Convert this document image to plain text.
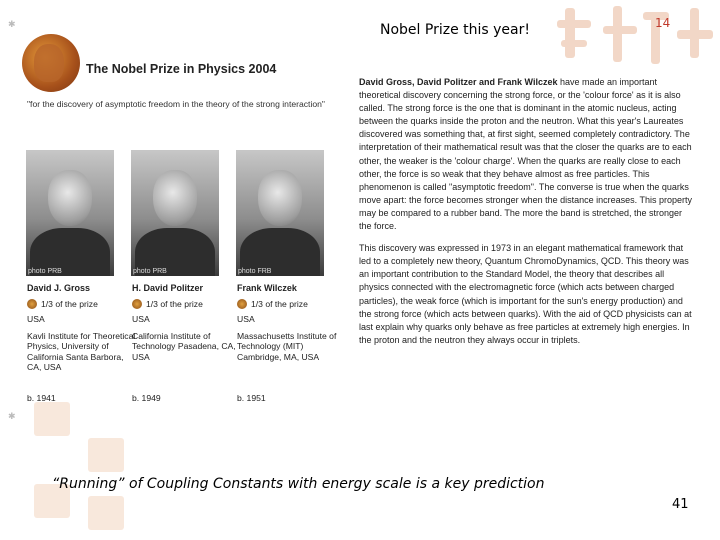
Nobel Prize this year!	14
✱
✱
The Nobel Prize in Physics 2004
"for the discovery of asymptotic freedom in the theory of the strong interaction"
photo PRB	photo PRB	photo FRB
David J. Gross
1/3 of the prize
USA
Kavli Institute for Theoretical Physics, University of California Santa Barbora, CA, USA
b. 1941
H. David Politzer
1/3 of the prize
USA
California Institute of Technology Pasadena, CA, USA
b. 1949
Frank Wilczek
1/3 of the prize
USA
Massachusetts Institute of Technology (MIT) Cambridge, MA, USA
b. 1951

David Gross, David Politzer and Frank Wilczek have made an important theoretical discovery concerning the strong force, or the 'colour force' as it is also called. The strong force is the one that is dominant in the atomic nucleus, acting between the quarks inside the proton and the neutron. What this year's Laureates discovered was something that, at first sight, seemed completely contradictory. The interpretation of their mathematical result was that the closer the quarks are to each other, the weaker is the 'colour charge'. When the quarks are really close to each other, the force is so weak that they behave almost as free particles. This phenomenon is called "asymptotic freedom". The converse is true when the quarks move apart: the force becomes stronger when the distance increases. This property may be compared to a rubber band. The more the band is stretched, the stronger the force.

This discovery was expressed in 1973 in an elegant mathematical framework that led to a completely new theory, Quantum ChromoDynamics, QCD. This theory was an important contribution to the Standard Model, the theory that describes all physics connected with the electromagnetic force (which acts between charged particles), the weak force (which is important for the sun's energy production) and the strong force (which acts between quarks). With the aid of QCD physicists can at last explain why quarks only behave as free particles at extremely high energies. In the proton and the neutron they always occur in triplets.

“Running” of Coupling Constants with energy scale is a key prediction
41
